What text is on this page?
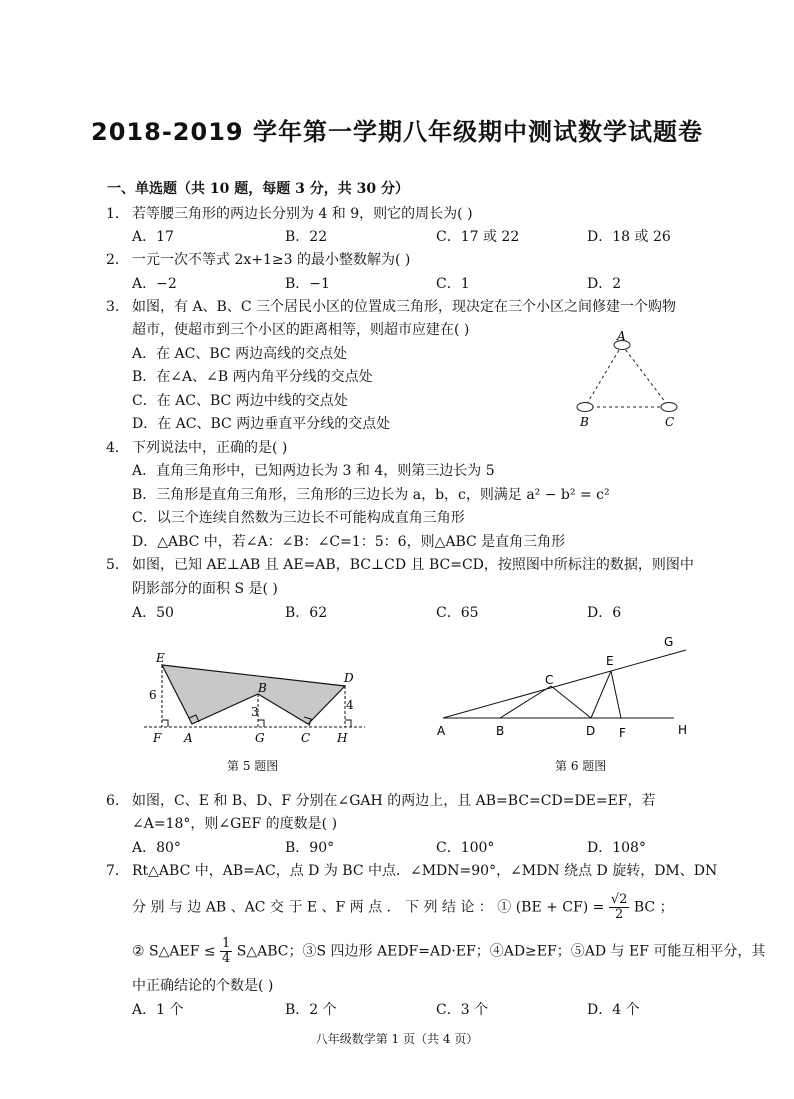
2018-2019 学年第一学期八年级期中测试数学试题卷
一、单选题（共 10 题，每题 3 分，共 30 分）
1． 若等腰三角形的两边长分别为 4 和 9，则它的周长为( )
A．17	B．22	C．17 或 22	D．18 或 26
2． 一元一次不等式 2x+1≥3 的最小整数解为( )
A．−2	B．−1	C．1	D．2
3． 如图，有 A、B、C 三个居民小区的位置成三角形，现决定在三个小区之间修建一个购物
超市，使超市到三个小区的距离相等，则超市应建在( )
A．在 AC、BC 两边高线的交点处
B．在∠A、∠B 两内角平分线的交点处
C．在 AC、BC 两边中线的交点处
D．在 AC、BC 两边垂直平分线的交点处
A
B	C
4． 下列说法中，正确的是( )
A．直角三角形中，已知两边长为 3 和 4，则第三边长为 5
B．三角形是直角三角形，三角形的三边长为 a，b，c，则满足 a² − b² = c²
C．以三个连续自然数为三边长不可能构成直角三角形
D．△ABC 中，若∠A：∠B：∠C=1：5：6，则△ABC 是直角三角形
5． 如图，已知 AE⊥AB 且 AE=AB，BC⊥CD 且 BC=CD，按照图中所标注的数据，则图中
阴影部分的面积 S 是( )
A．50	B．62	C．65	D．6
E
D
B
F A	G	C H
6
3	4
第 5 题图
G
E
C
A	B	D F	H
第 6 题图
6． 如图，C、E 和 B、D、F 分别在∠GAH 的两边上，且 AB=BC=CD=DE=EF，若
∠A=18°，则∠GEF 的度数是( )
A．80°	B．90°	C．100°	D．108°
7． Rt△ABC 中，AB=AC，点 D 为 BC 中点．∠MDN=90°，∠MDN 绕点 D 旋转，DM、DN
分 别 与 边 AB 、AC 交 于 E 、F 两 点 ． 下 列 结 论 ： ① $(BE + CF) = \frac{√2}{2}$ BC ；
② S△AEF ≤ $\frac{1}{4}$ S△ABC；③S 四边形 AEDF=AD·EF；④AD≥EF；⑤AD 与 EF 可能互相平分，其
中正确结论的个数是( )
A．1 个	B．2 个	C．3 个	D．4 个
八年级数学第 1 页（共 4 页）
